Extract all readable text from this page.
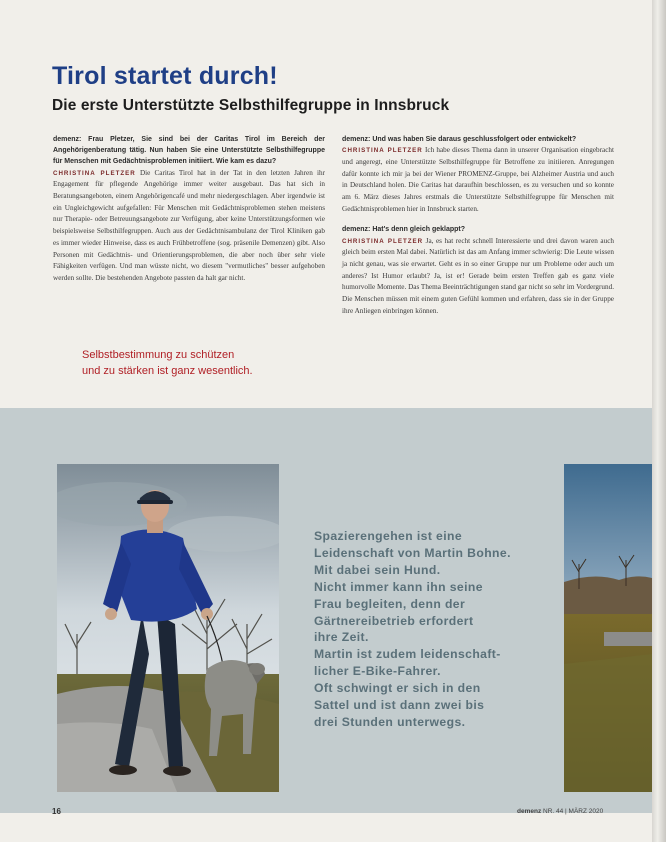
Tirol startet durch!
Die erste Unterstützte Selbsthilfegruppe in Innsbruck

demenz: Frau Pletzer, Sie sind bei der Caritas Tirol im Bereich der Angehörigenberatung tätig. Nun haben Sie eine Unterstützte Selbsthilfegruppe für Menschen mit Gedächtnisproblemen initiiert. Wie kam es dazu?

CHRISTINA PLETZER Die Caritas Tirol hat in der Tat in den letzten Jahren ihr Engagement für pflegende Angehörige immer weiter ausgebaut. Das hat sich in Beratungsangeboten, einem Angehörigencafé und mehr niedergeschlagen. Aber irgendwie ist ein Ungleichgewicht aufgefallen: Für Menschen mit Gedächtnisproblemen stehen meistens nur Therapie- oder Betreuungsangebote zur Verfügung, aber keine Unterstützungsformen wie beispielsweise Selbsthilfegruppen. Auch aus der Gedächtnisambulanz der Tirol Kliniken gab es immer wieder Hinweise, dass es auch Frühbetroffene (sog. präsenile Demenzen) gibt. Also Personen mit Gedächtnis- und Orientierungsproblemen, die aber noch über sehr viele Fähigkeiten verfügen. Und man wüsste nicht, wo diesem "vermutliches" besser aufgehoben werden sollte. Die bestehenden Angebote passten da halt gar nicht.

Selbstbestimmung zu schützen
und zu stärken ist ganz wesentlich.

demenz: Und was haben Sie daraus geschlussfolgert oder entwickelt?

CHRISTINA PLETZER Ich habe dieses Thema dann in unserer Organisation eingebracht und angeregt, eine Unterstützte Selbsthilfegruppe für Betroffene zu initiieren. Anregungen dafür konnte ich mir ja bei der Wiener PROMENZ-Gruppe, bei Alzheimer Austria und auch in Deutschland holen. Die Caritas hat daraufhin beschlossen, es zu versuchen und so konnte am 6. März dieses Jahres erstmals die Unterstützte Selbsthilfegruppe für Menschen mit Gedächtnisproblemen hier in Innsbruck starten.

demenz: Hat's denn gleich geklappt?

CHRISTINA PLETZER Ja, es hat recht schnell Interessierte und drei davon waren auch gleich beim ersten Mal dabei. Natürlich ist das am Anfang immer schwierig: Die Leute wissen ja nicht genau, was sie erwartet. Geht es in so einer Gruppe nur um Probleme oder auch um anderes? Ist Humor erlaubt? Ja, ist er! Gerade beim ersten Treffen gab es ganz viele humorvolle Momente. Das Thema Beeinträchtigungen stand gar nicht so sehr im Vordergrund. Die Menschen müssen mit einem guten Gefühl kommen und erfahren, dass sie in der Gruppe ihre Anliegen einbringen können.

Spazierengehen ist eine
Leidenschaft von Martin Bohne.
Mit dabei sein Hund.
Nicht immer kann ihn seine
Frau begleiten, denn der
Gärtnereibetrieb erfordert
ihre Zeit.
Martin ist zudem leidenschaft-
licher E-Bike-Fahrer.
Oft schwingt er sich in den
Sattel und ist dann zwei bis
drei Stunden unterwegs.

16	demenz NR. 44 | MÄRZ 2020
